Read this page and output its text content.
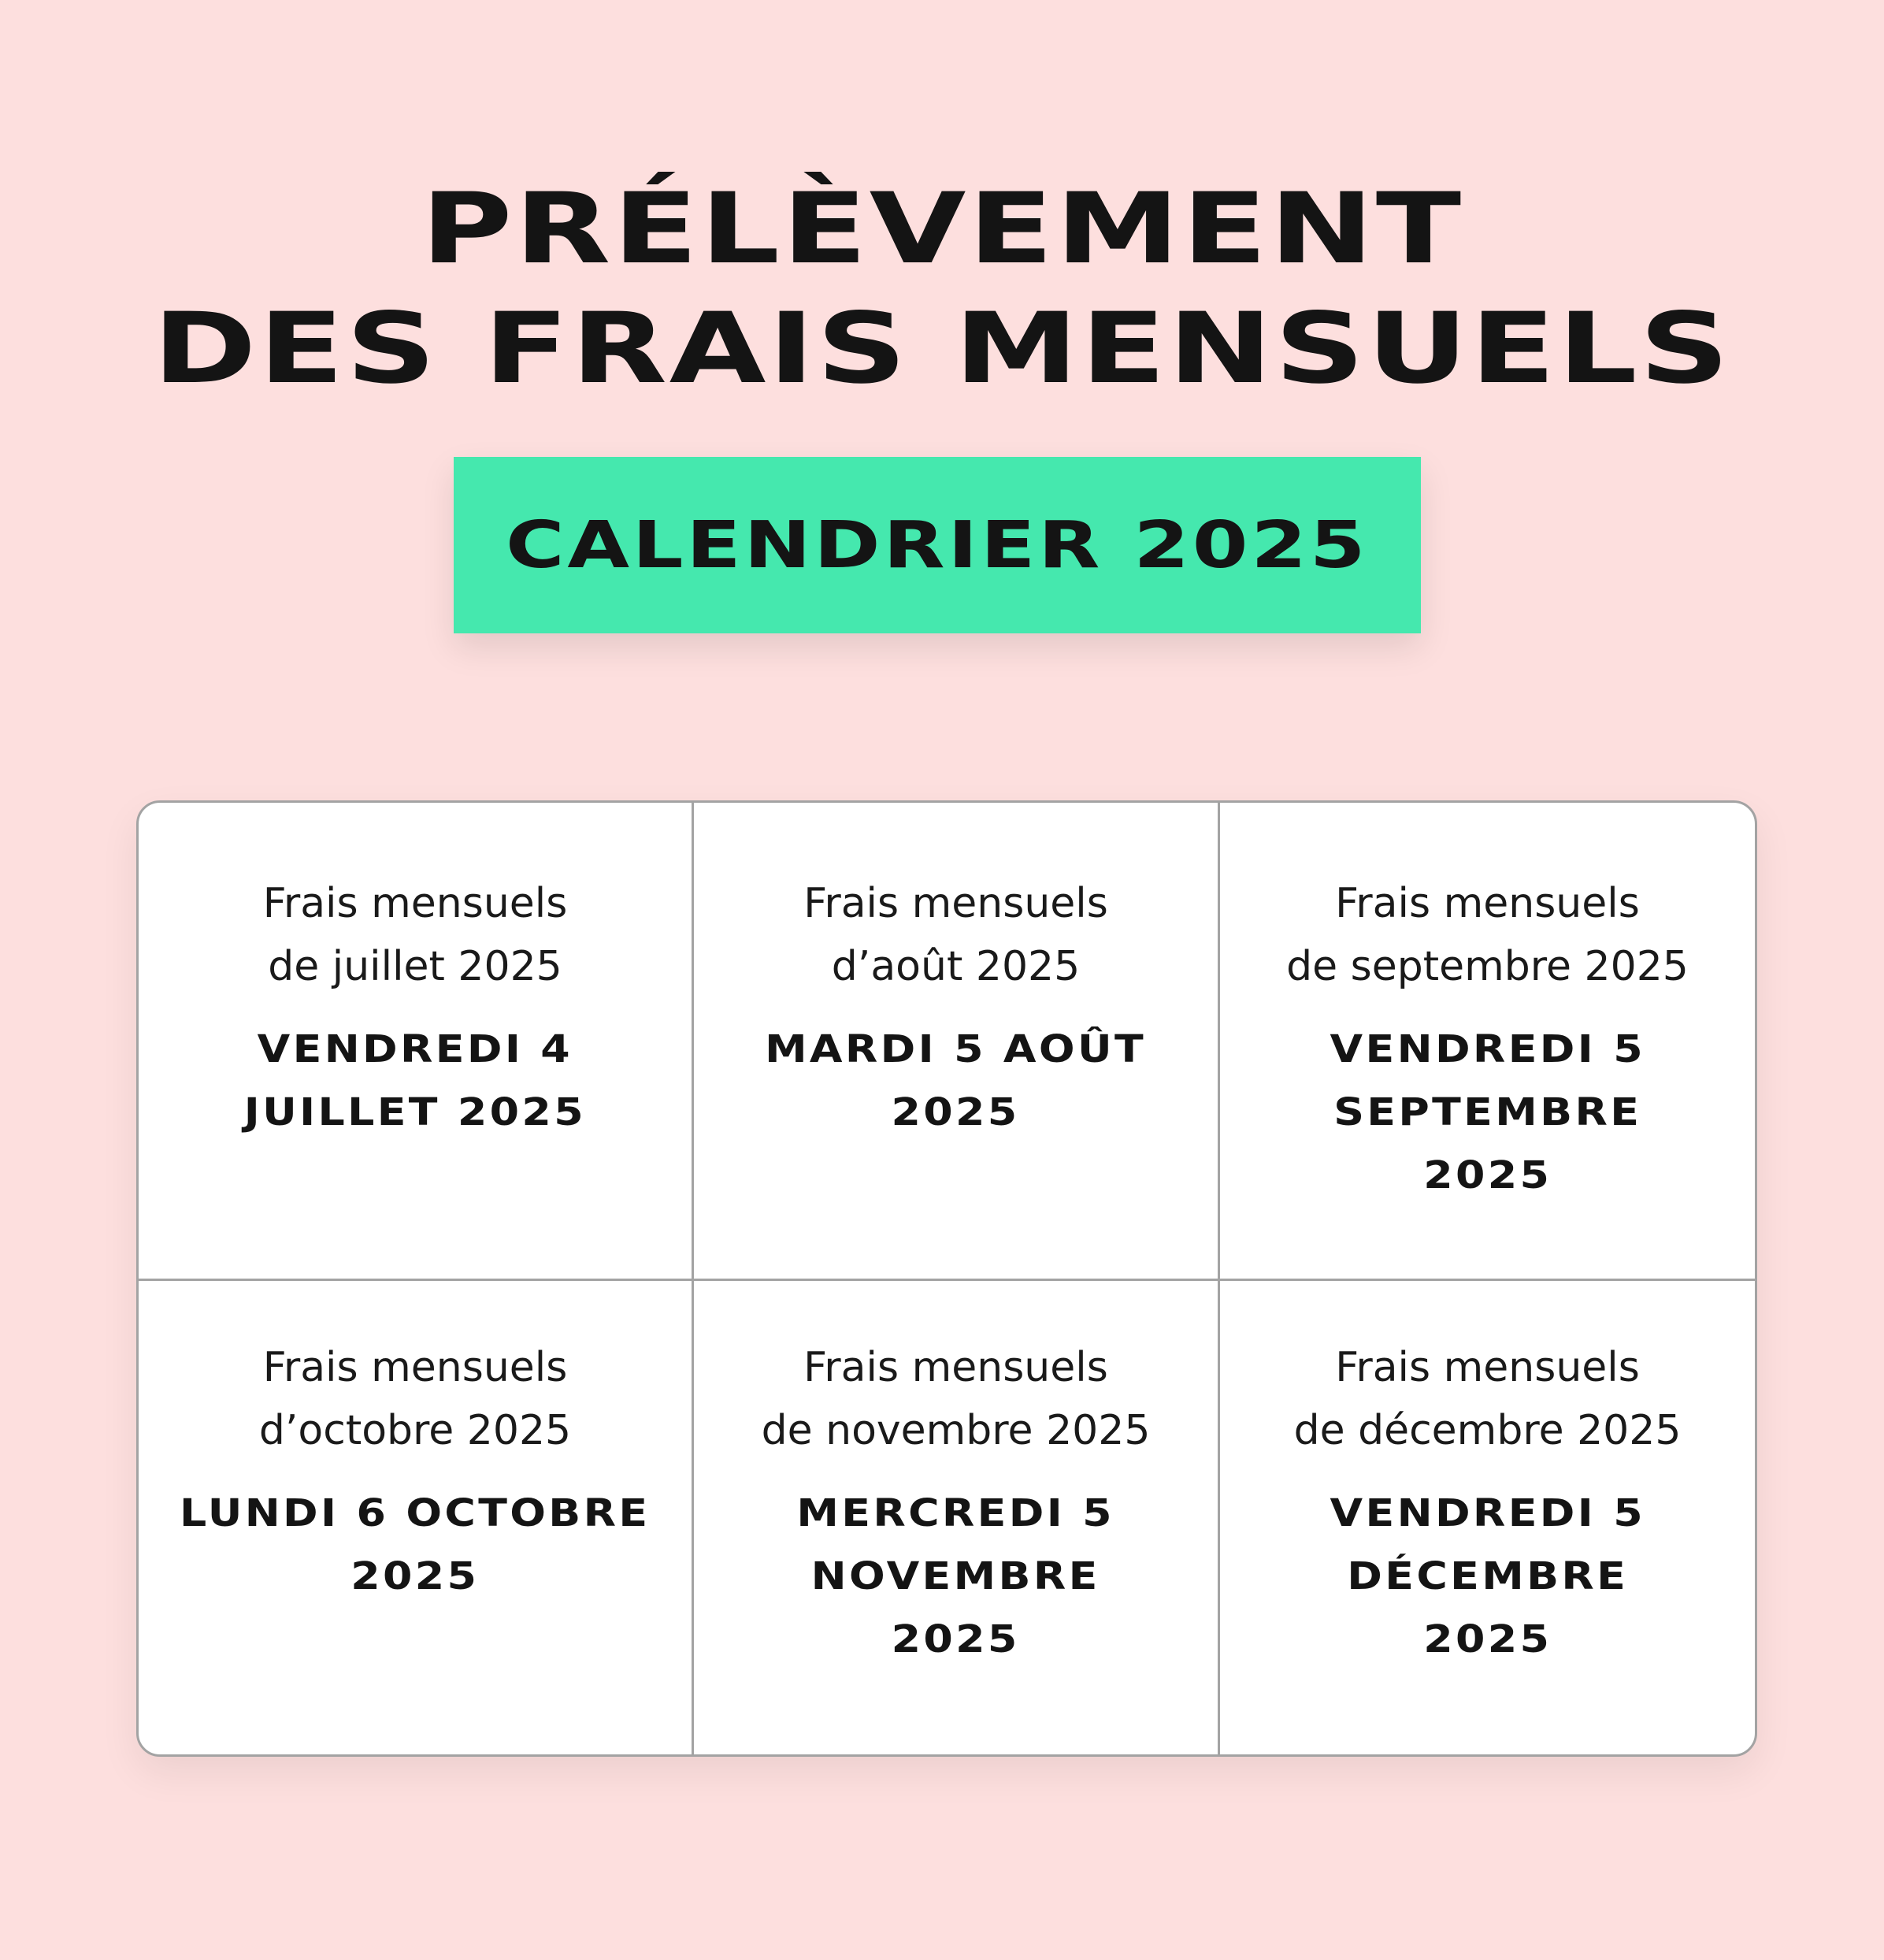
PRÉLÈVEMENT
DES FRAIS MENSUELS
CALENDRIER 2025

Frais mensuels
de juillet 2025

VENDREDI 4
JUILLET 2025

Frais mensuels
d’août 2025

MARDI 5 AOÛT
2025

Frais mensuels
de septembre 2025

VENDREDI 5
SEPTEMBRE
2025

Frais mensuels
d’octobre 2025

LUNDI 6 OCTOBRE
2025

Frais mensuels
de novembre 2025

MERCREDI 5
NOVEMBRE
2025

Frais mensuels
de décembre 2025

VENDREDI 5
DÉCEMBRE
2025
